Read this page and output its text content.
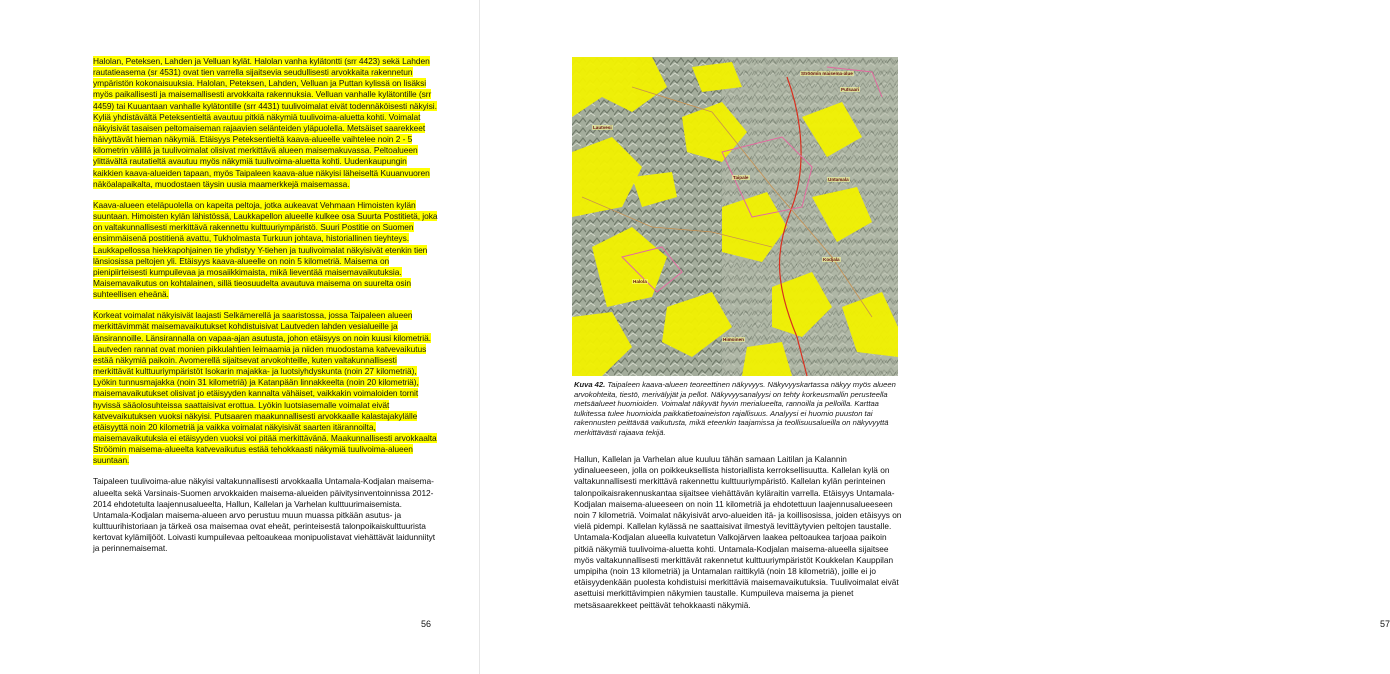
Halolan, Peteksen, Lahden ja Velluan kylät. Halolan vanha kylätontti (srr 4423) sekä Lahden rautatieasema (sr 4531) ovat tien varrella sijaitsevia seudullisesti arvokkaita rakennetun ympäristön kokonaisuuksia. Halolan, Peteksen, Lahden, Velluan ja Puttan kylissä on lisäksi myös paikallisesti ja maisemallisesti arvokkaita rakennuksia. Velluan vanhalle kylätontille (srr 4459) tai Kuuantaan vanhalle kylätontille (srr 4431) tuulivoimalat eivät todennäköisesti näkyisi. Kyliä yhdistävältä Peteksentieltä avautuu pitkiä näkymiä tuulivoima-aluetta kohti. Voimalat näkyisivät tasaisen peltomaiseman rajaavien selänteiden yläpuolella. Metsäiset saarekkeet häivyttävät hieman näkymiä. Etäisyys Peteksentieltä kaava-alueelle vaihtelee noin 2 - 5 kilometrin välillä ja tuulivoimalat olisivat merkittävä alueen maisemakuvassa. Peltoalueen ylittävältä rautatieltä avautuu myös näkymiä tuulivoima-aluetta kohti. Uudenkaupungin kaikkien kaava-alueiden tapaan, myös Taipaleen kaava-alue näkyisi läheiseltä Kuuanvuoren näköalapaikalta, muodostaen täysin uusia maamerkkejä maisemassa.

Kaava-alueen eteläpuolella on kapeita peltoja, jotka aukeavat Vehmaan Himoisten kylän suuntaan. Himoisten kylän lähistössä, Laukkapellon alueelle kulkee osa Suurta Postitietä, joka on valtakunnallisesti merkittävä rakennettu kulttuuriympäristö. Suuri Postitie on Suomen ensimmäisenä postitienä avattu, Tukholmasta Turkuun johtava, historiallinen tieyhteys. Laukkapellossa hiekkapohjainen tie yhdistyy Y-tiehen ja tuulivoimalat näkyisivät etenkin tien länsiosissa peltojen yli. Etäisyys kaava-alueelle on noin 5 kilometriä. Maisema on pienipiirteisesti kumpuilevaa ja mosaiikkimaista, mikä lieventää maisemavaikutuksia. Maisemavaikutus on kohtalainen, sillä tieosuudelta avautuva maisema on suurelta osin suhteellisen eheänä.

Korkeat voimalat näkyisivät laajasti Selkämerellä ja saaristossa, jossa Taipaleen alueen merkittävimmät maisemavaikutukset kohdistuisivat Lautveden lahden vesialueille ja länsirannoille. Länsirannalla on vapaa-ajan asutusta, johon etäisyys on noin kuusi kilometriä. Lautveden rannat ovat monien pikkulahtien leimaamia ja niiden muodostama katvevaikutus estää näkymiä paikoin. Avomerellä sijaitsevat arvokohteille, kuten valtakunnallisesti merkittävät kulttuuriympäristöt Isokarin majakka- ja luotsiyhdyskunta (noin 27 kilometriä), Lyökin tunnusmajakka (noin 31 kilometriä) ja Katanpään linnakkeelta (noin 20 kilometriä), maisemavaikutukset olisivat jo etäisyyden kannalta vähäiset, vaikkakin voimaloiden tornit hyvissä sääolosuhteissa saattaisivat erottua. Lyökin luotsiasemalle voimalat eivät katvevaikutuksen vuoksi näkyisi. Putsaaren maakunnallisesti arvokkaalle kalastajakylälle etäisyyttä noin 20 kilometriä ja vaikka voimalat näkyisivät saarten itärannoilta, maisemavaikutuksia ei etäisyyden vuoksi voi pitää merkittävänä. Maakunnallisesti arvokkaalta Ströömin maisema-alueelta katvevaikutus estää tehokkaasti näkymiä tuulivoima-alueen suuntaan.

Taipaleen tuulivoima-alue näkyisi valtakunnallisesti arvokkaalla Untamala-Kodjalan maisema-alueelta sekä Varsinais-Suomen arvokkaiden maisema-alueiden päivitysinventoinnissa 2012-2014 ehdotetulta laajennusalueelta, Hallun, Kallelan ja Varhelan kulttuurimaisemista. Untamala-Kodjalan maisema-alueen arvo perustuu muun muassa pitkään asutus- ja kulttuurihistoriaan ja tärkeä osa maisemaa ovat eheät, perinteisestä talonpoikaiskulttuurista kertovat kylämiljööt. Loivasti kumpuilevaa peltoaukeaa monipuolistavat viehättävät laidunniityt ja perinnemaisemat.

56	57
Ströömin maisema-alue
Putsaari
Lautvesi
Taipale	Untamala
Kodjala
Halola
Himoinen
Kuva 42. Taipaleen kaava-alueen teoreettinen näkyvyys. Näkyvyyskartassa näkyy myös alueen arvokohteita, tiestö, merivälyjät ja pellot. Näkyvyysanalyysi on tehty korkeusmallin perusteella metsäalueet huomioiden. Voimalat näkyvät hyvin merialueelta, rannoilla ja pelloilla. Karttaa tulkitessa tulee huomioida paikkatietoaineiston rajallisuus. Analyysi ei huomio puuston tai rakennusten peittävää vaikutusta, mikä eteenkin taajamissa ja teollisuusalueilla on näkyvyyttä merkittävästi rajaava tekijä.

Hallun, Kallelan ja Varhelan alue kuuluu tähän samaan Laitilan ja Kalannin ydinalueeseen, jolla on poikkeuksellista historiallista kerroksellisuutta. Kallelan kylä on valtakunnallisesti merkittävä rakennettu kulttuuriympäristö. Kallelan kylän perinteinen talonpoikaisrakennuskantaa sijaitsee viehättävän kyläraitin varrella. Etäisyys Untamala-Kodjalan maisema-alueeseen on noin 11 kilometriä ja ehdotettuun laajennusalueeseen noin 7 kilometriä. Voimalat näkyisivät arvo-alueiden itä- ja koillisosissa, joiden etäisyys on vielä pidempi. Kallelan kylässä ne saattaisivat ilmestyä levittäytyvien peltojen taustalle. Untamala-Kodjalan alueella kuivatetun Valkojärven laakea peltoaukea tarjoaa paikoin pitkiä näkymiä tuulivoima-aluetta kohti. Untamala-Kodjalan maisema-alueella sijaitsee myös valtakunnallisesti merkittävät rakennetut kulttuuriympäristöt Koukkelan Kauppilan umpipiha (noin 13 kilometriä) ja Untamalan raittikylä (noin 18 kilometriä), joille ei jo etäisyydenkään puolesta kohdistuisi merkittäviä maisemavaikutuksia. Tuulivoimalat eivät asettuisi merkittävimpien näkymien taustalle. Kumpuileva maisema ja pienet metsäsaarekkeet peittävät tehokkaasti näkymiä.
